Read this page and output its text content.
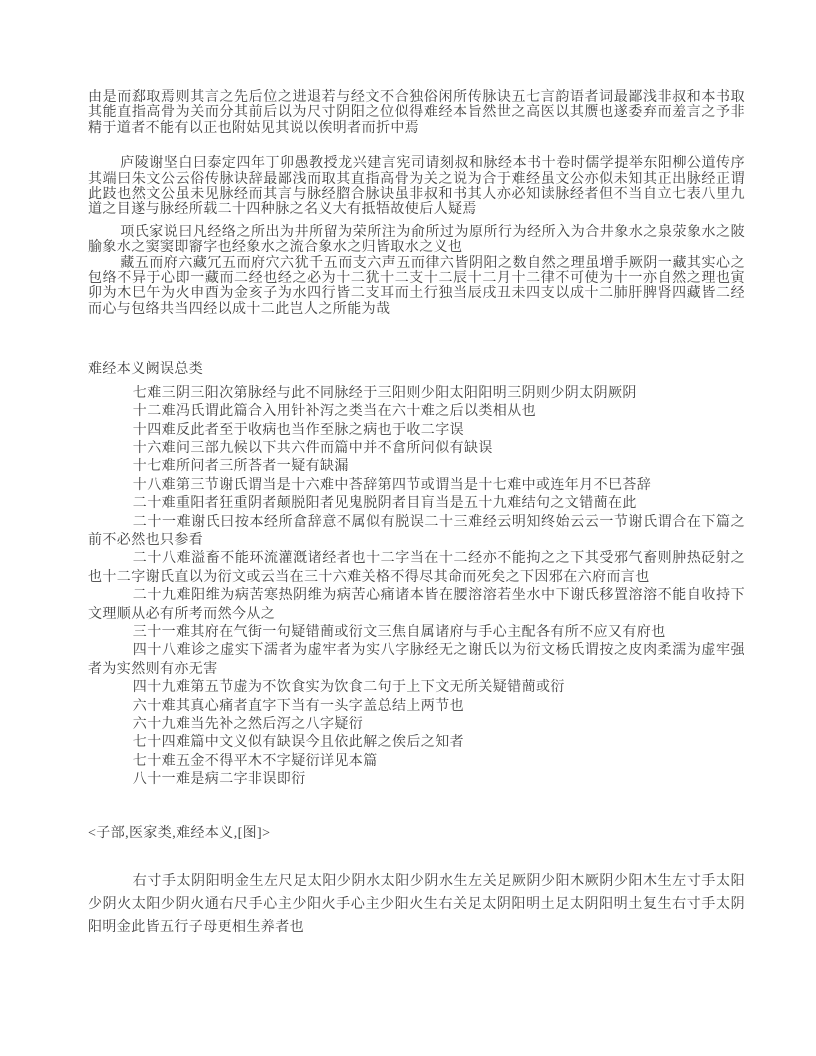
由是而郄取焉则其言之先后位之进退若与经文不合独俗闲所传脉诀五七言韵语者词最鄙浅非叔和本书取其能直指高骨为关而分其前后以为尺寸阴阳之位似得难经本旨然世之高医以其赝也遂委弃而羞言之予非精于道者不能有以正也附姑见其说以俟明者而折中焉

庐陵谢坚白曰泰定四年丁卯愚教授龙兴建言宪司请刻叔和脉经本书十卷时儒学提举东阳柳公道传序其端曰朱文公云俗传脉诀辞最鄙浅而取其直指高骨为关之说为合于难经虽文公亦似未知其正出脉经正谓此跂也然文公虽未见脉经而其言与脉经脗合脉诀虽非叔和书其人亦必知读脉经者但不当自立七表八里九道之目遂与脉经所载二十四种脉之名义大有抵牾故使后人疑焉

项氏家说曰凡经络之所出为井所留为荣所注为俞所过为原所行为经所入为合井象水之泉荥象水之陂腧象水之窦窦即窬字也经象水之流合象水之归皆取水之义也

藏五而府六藏冗五而府穴六犹千五而支六声五而律六皆阴阳之数自然之理虽增手厥阴一藏其实心之包络不异于心即一藏而二经也经之必为十二犹十二支十二辰十二月十二律不可使为十一亦自然之理也寅卯为木巳午为火申酉为金亥子为水四行皆二支耳而土行独当辰戌丑未四支以成十二肺肝脾肾四藏皆二经而心与包络共当四经以成十二此岂人之所能为哉

难经本义阙误总类

七难三阴三阳次第脉经与此不同脉经于三阳则少阳太阳阳明三阴则少阴太阴厥阴

十二难冯氏谓此篇合入用针补泻之类当在六十难之后以类相从也

十四难反此者至于收病也当作至脉之病也于收二字误

十六难问三部九候以下共六件而篇中并不畣所问似有缺误

十七难所问者三所荅者一疑有缺漏

十八难第三节谢氏谓当是十六难中荅辞第四节或谓当是十七难中或连年月不巳荅辞

二十难重阳者狂重阴者颠脱阳者见鬼脱阴者目肓当是五十九难结句之文错蕳在此

二十一难谢氏曰按本经所畣辞意不属似有脱误二十三难经云明知终始云云一节谢氏谓合在下篇之前不必然也只参看

二十八难溢畜不能环流灌漑诸经者也十二字当在十二经亦不能拘之之下其受邪气畜则肿热砭射之也十二字谢氏直以为衍文或云当在三十六难关格不得尽其命而死矣之下因邪在六府而言也

二十九难阳维为病苦寒热阴维为病苦心痛诸本皆在腰溶溶若坐水中下谢氏移置溶溶不能自收持下文理顺从必有所考而然今从之

三十一难其府在气街一句疑错蕳或衍文三焦自属诸府与手心主配各有所不应又有府也

四十八难诊之虚实下濡者为虚牢者为实八字脉经无之谢氏以为衍文杨氏谓按之皮肉柔濡为虚牢强者为实然则有亦无害

四十九难第五节虚为不饮食实为饮食二句于上下文无所关疑错蕳或衍

六十难其真心痛者直字下当有一头字盖总结上两节也

六十九难当先补之然后泻之八字疑衍

七十四难篇中文义似有缺误今且依此解之俟后之知者

七十难五金不得平木不字疑衍详见本篇

八十一难是病二字非误即衍

<子部,医家类,难经本义,[图]>

右寸手太阴阳明金生左尺足太阳少阴水太阳少阴水生左关足厥阴少阳木厥阴少阳木生左寸手太阳少阴火太阳少阴火通右尺手心主少阳火手心主少阳火生右关足太阴阳明土足太阴阳明土复生右寸手太阴阳明金此皆五行子母更相生养者也
